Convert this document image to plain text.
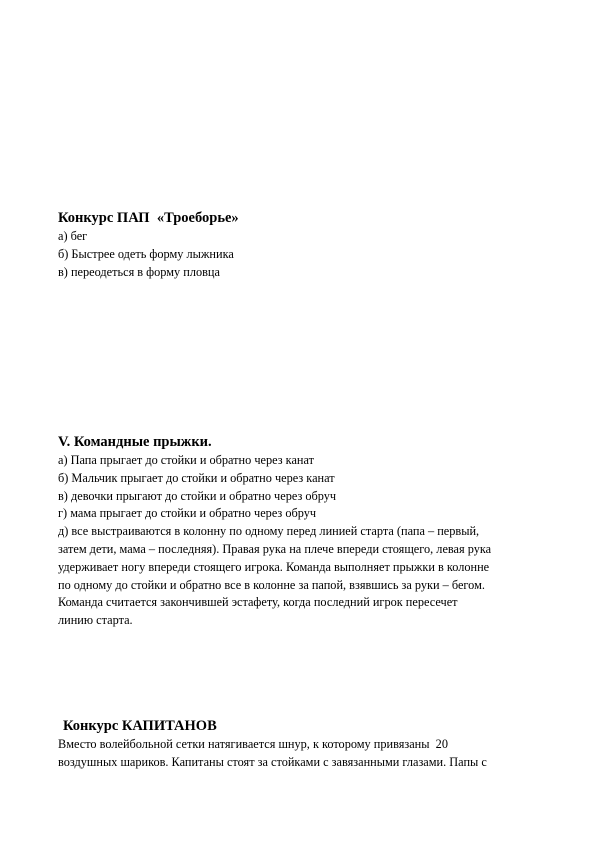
Конкурс ПАП  «Троеборье»
а) бег
б) Быстрее одеть форму лыжника
в) переодеться в форму пловца
V. Командные прыжки.
а) Папа прыгает до стойки и обратно через канат
б) Мальчик прыгает до стойки и обратно через канат
в) девочки прыгают до стойки и обратно через обруч
г) мама прыгает до стойки и обратно через обруч
д) все выстраиваются в колонну по одному перед линией старта (папа – первый,
затем дети, мама – последняя). Правая рука на плече впереди стоящего, левая рука
удерживает ногу впереди стоящего игрока. Команда выполняет прыжки в колонне
по одному до стойки и обратно все в колонне за папой, взявшись за руки – бегом.
Команда считается закончившей эстафету, когда последний игрок пересечет
линию старта.
Конкурс КАПИТАНОВ
Вместо волейбольной сетки натягивается шнур, к которому привязаны  20
воздушных шариков. Капитаны стоят за стойками с завязанными глазами. Папы с
